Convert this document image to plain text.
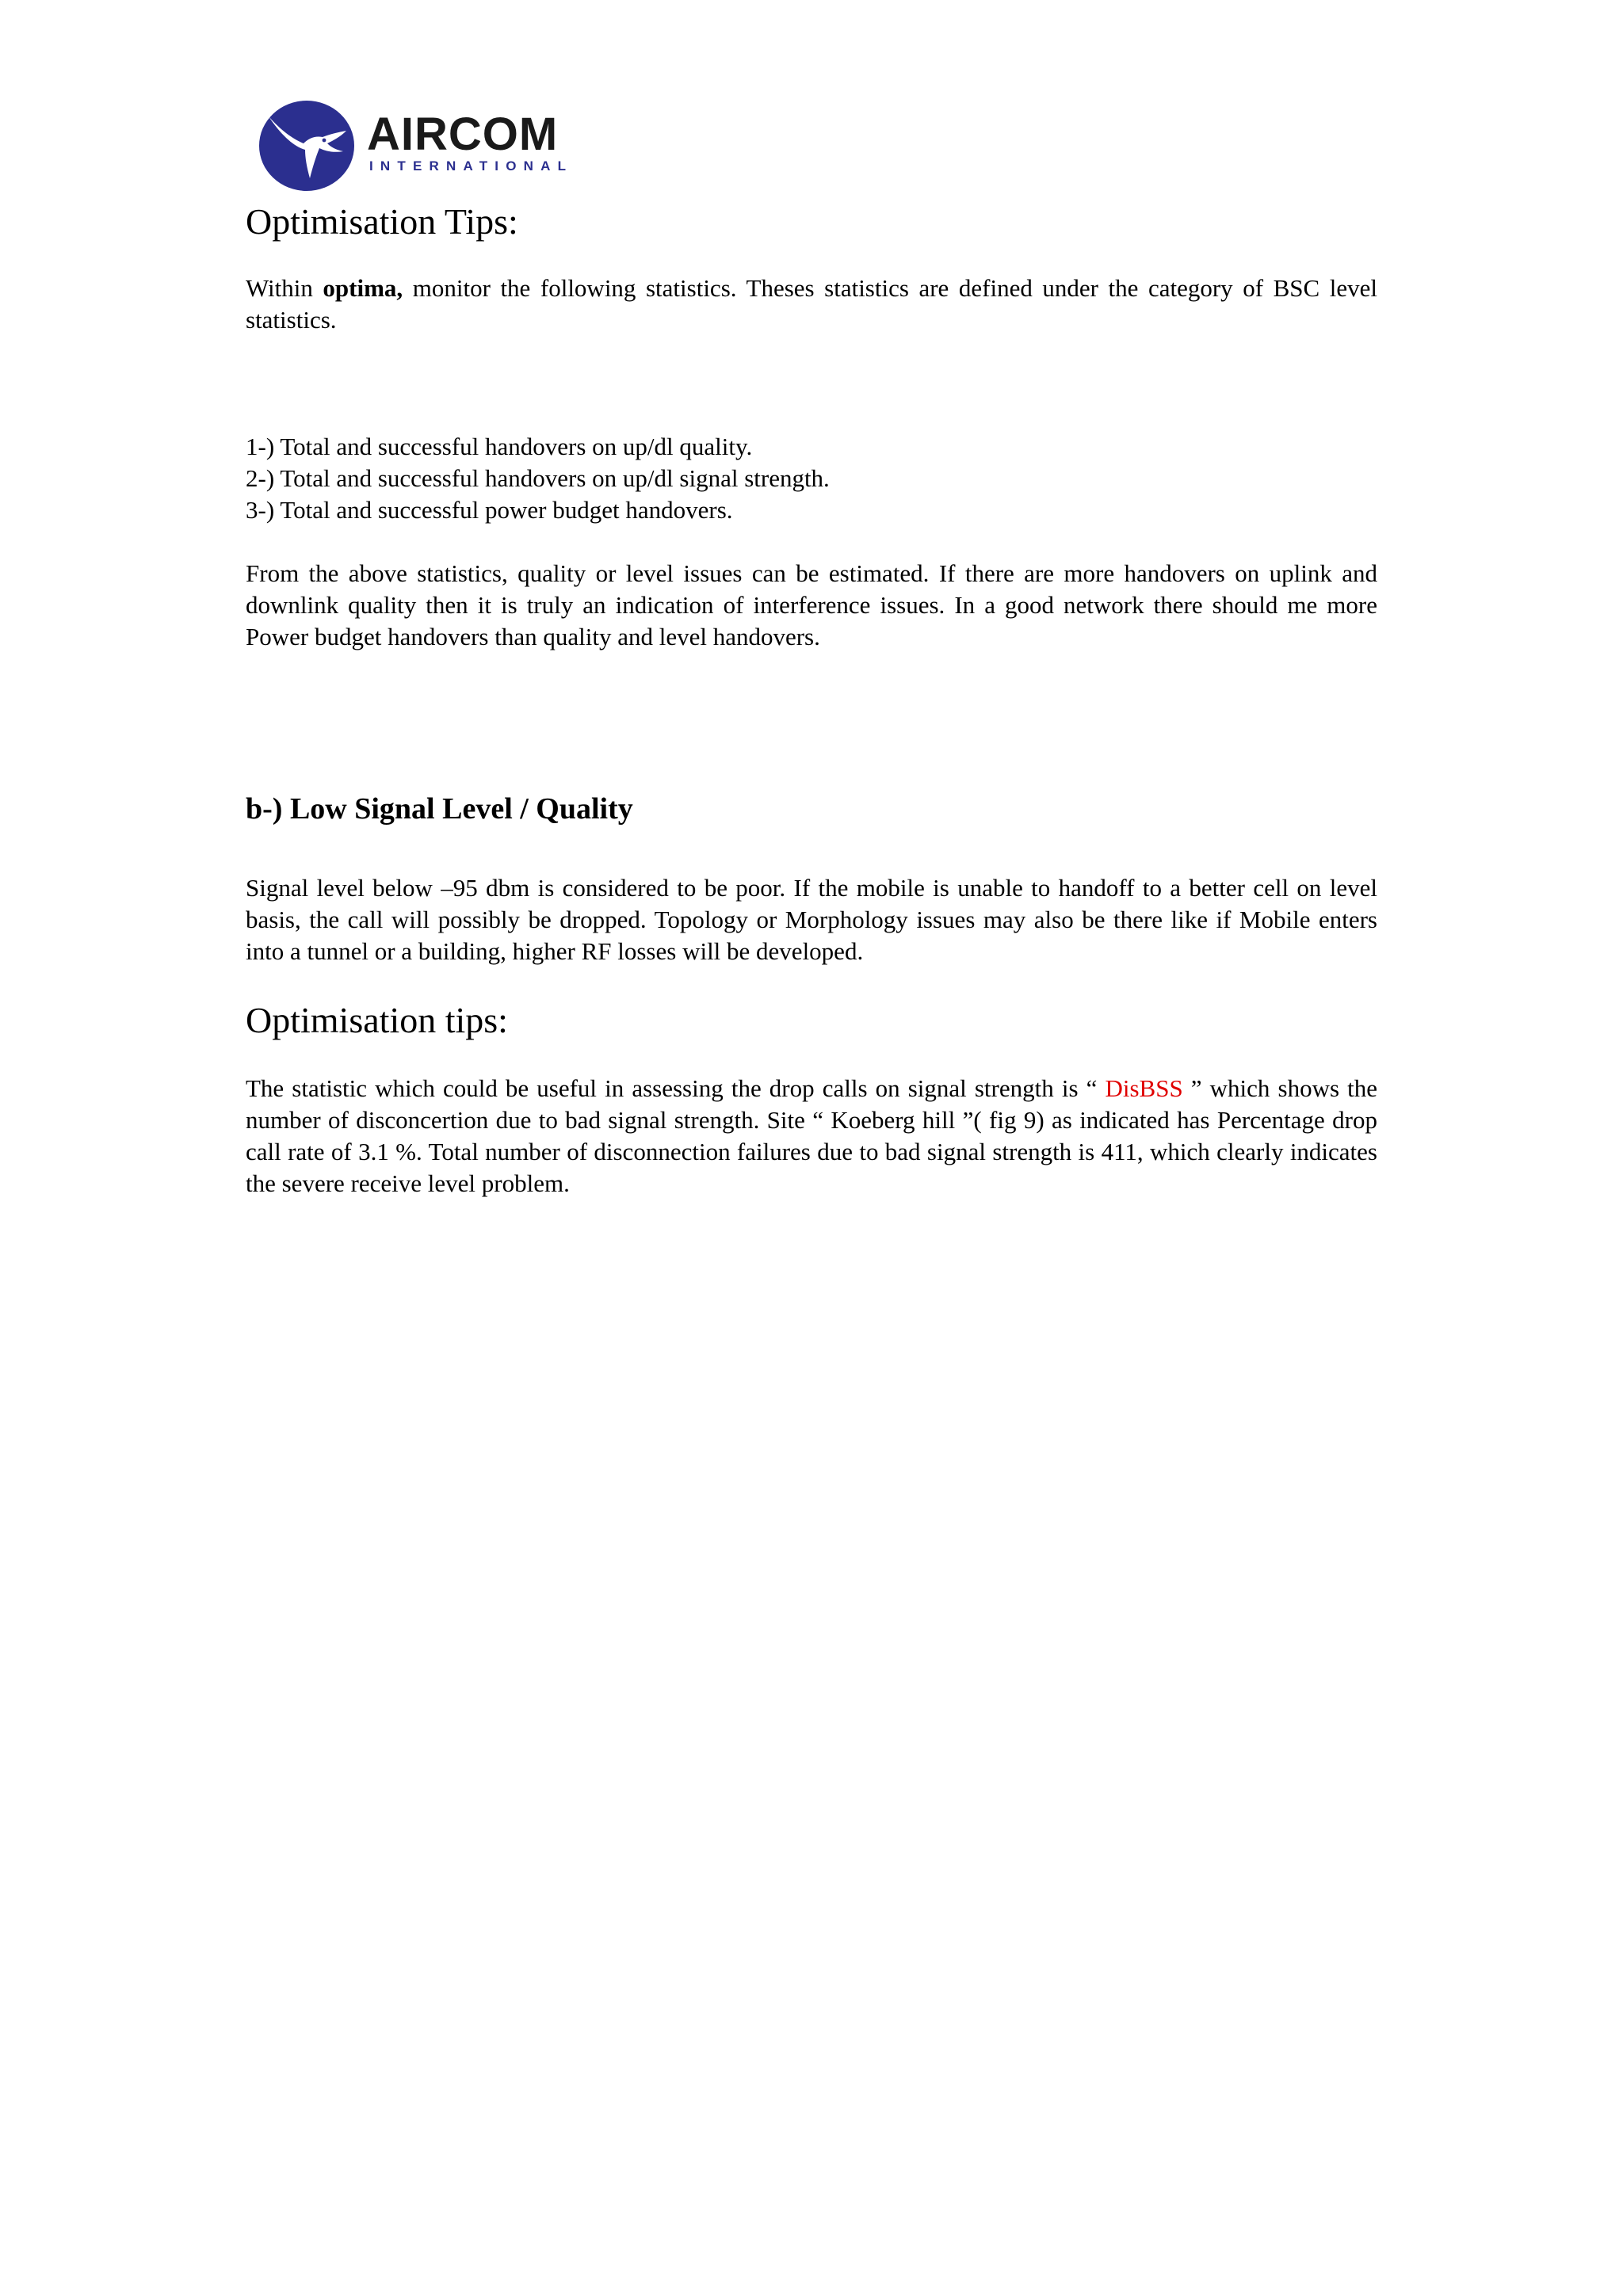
AIRCOM
INTERNATIONAL
Optimisation Tips:

Within optima, monitor the following statistics. Theses statistics are defined under the category of BSC level statistics.

1-) Total and successful handovers on up/dl quality.
2-) Total and successful handovers on up/dl signal strength.
3-) Total and successful power budget handovers.

From the above statistics, quality or level issues can be estimated. If there are more handovers on uplink and downlink quality then it is truly an indication of interference issues. In a good network there should me more Power budget handovers than quality and level handovers.

b-) Low Signal Level / Quality

Signal level below –95 dbm is considered to be poor. If the mobile is unable to handoff to a better cell on level basis, the call will possibly be dropped. Topology or Morphology issues may also be there like if Mobile enters into a tunnel or a building, higher RF losses will be developed.

Optimisation tips:

The statistic which could be useful in assessing the drop calls on signal strength is “ DisBSS ” which shows the number of disconcertion due to bad signal strength. Site “ Koeberg hill ”( fig 9) as indicated has Percentage drop call rate of 3.1 %. Total number of disconnection failures due to bad signal strength is 411, which clearly indicates the severe receive level problem.
